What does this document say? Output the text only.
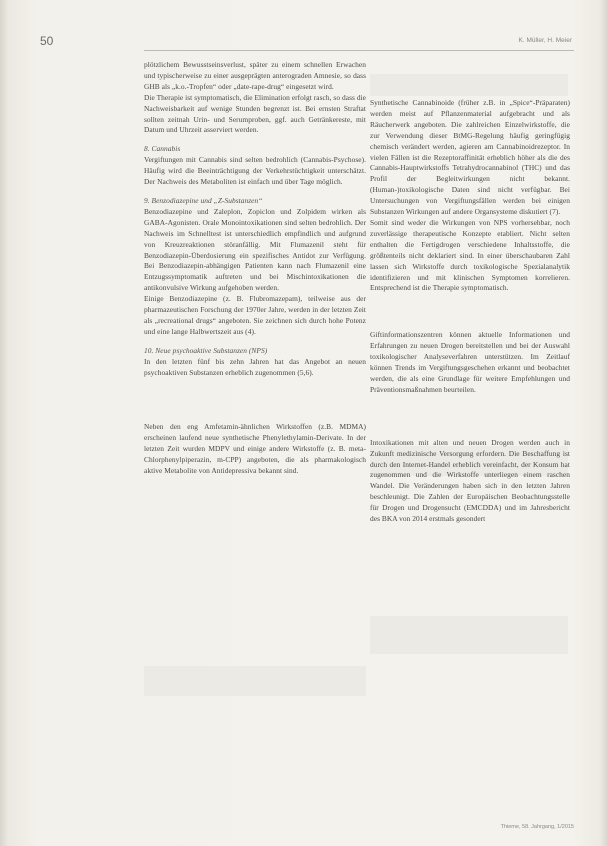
50	K. Müller, H. Meier

plötzlichem Bewusstseinsverlust, später zu einem schnellen Erwachen und typischerweise zu einer ausgeprägten anterograden Amnesie, so dass GHB als „k.o.-Tropfen“ oder „date-rape-drug“ eingesetzt wird.

Die Therapie ist symptomatisch, die Elimination erfolgt rasch, so dass die Nachweisbarkeit auf wenige Stunden begrenzt ist. Bei ernsten Straftat sollten zeitnah Urin- und Serumproben, ggf. auch Getränkereste, mit Datum und Uhrzeit asserviert werden.

8. Cannabis

Vergiftungen mit Cannabis sind selten bedrohlich (Cannabis-Psychose). Häufig wird die Beeinträchtigung der Verkehrstüchtigkeit unterschätzt. Der Nachweis des Metaboliten ist einfach und über Tage möglich.

9. Benzodiazepine und „Z-Substanzen“

Benzodiazepine und Zaleplon, Zopiclon und Zolpidem wirken als GABA-Agonisten. Orale Monointoxikationen sind selten bedrohlich. Der Nachweis im Schnelltest ist unterschiedlich empfindlich und aufgrund von Kreuzreaktionen störanfällig. Mit Flumazenil steht für Benzodiazepin-Überdosierung ein spezifisches Antidot zur Verfügung. Bei Benzodiazepin-abhängigen Patienten kann nach Flumazenil eine Entzugssymptomatik auftreten und bei Mischintoxikationen die antikonvulsive Wirkung aufgehoben werden.

Einige Benzodiazepine (z. B. Flubromazepam), teilweise aus der pharmazeutischen Forschung der 1970er Jahre, werden in der letzten Zeit als „recreational drugs“ angeboten. Sie zeichnen sich durch hohe Potenz und eine lange Halbwertszeit aus (4).

10. Neue psychoaktive Substanzen (NPS)

In den letzten fünf bis zehn Jahren hat das Angebot an neuen psychoaktiven Substanzen erheblich zugenommen (5,6).

Neben den eng Amfetamin-ähnlichen Wirkstoffen (z.B. MDMA) erscheinen laufend neue synthetische Phenylethylamin-Derivate. In der letzten Zeit wurden MDPV und einige andere Wirkstoffe (z. B. meta-Chlorphenylpiperazin, m-CPP) angeboten, die als pharmakologisch aktive Metabolite von Antidepressiva bekannt sind.

Synthetische Cannabinoide (früher z.B. in „Spice“-Präparaten) werden meist auf Pflanzenmaterial aufgebracht und als Räucherwerk angeboten. Die zahlreichen Einzelwirkstoffe, die zur Verwendung dieser BtMG-Regelung häufig geringfügig chemisch verändert werden, agieren am Cannabinoidrezeptor. In vielen Fällen ist die Rezeptoraffinität erheblich höher als die des Cannabis-Hauptwirkstoffs Tetrahydrocannabinol (THC) und das Profil der Begleitwirkungen nicht bekannt. (Human-)toxikologische Daten sind nicht verfügbar. Bei Untersuchungen von Vergiftungsfällen werden bei einigen Substanzen Wirkungen auf andere Organsysteme diskutiert (7).

Somit sind weder die Wirkungen von NPS vorhersehbar, noch zuverlässige therapeutische Konzepte etabliert. Nicht selten enthalten die Fertigdrogen verschiedene Inhaltsstoffe, die größtenteils nicht deklariert sind. In einer überschaubaren Zahl lassen sich Wirkstoffe durch toxikologische Spezialanalytik identifizieren und mit klinischen Symptomen korrelieren. Entsprechend ist die Therapie symptomatisch.

Giftinformationszentren können aktuelle Informationen und Erfahrungen zu neuen Drogen bereitstellen und bei der Auswahl toxikologischer Analyseverfahren unterstützen. Im Zeitlauf können Trends im Vergiftungsgeschehen erkannt und beobachtet werden, die als eine Grundlage für weitere Empfehlungen und Präventionsmaßnahmen beurteilen.

Intoxikationen mit alten und neuen Drogen werden auch in Zukunft medizinische Versorgung erfordern. Die Beschaffung ist durch den Internet-Handel erheblich vereinfacht, der Konsum hat zugenommen und die Wirkstoffe unterliegen einem raschen Wandel. Die Veränderungen haben sich in den letzten Jahren beschleunigt. Die Zahlen der Europäischen Beobachtungsstelle für Drogen und Drogensucht (EMCDDA) und im Jahresbericht des BKA von 2014 erstmals gesondert

Thieme, 58. Jahrgang, 1/2015
